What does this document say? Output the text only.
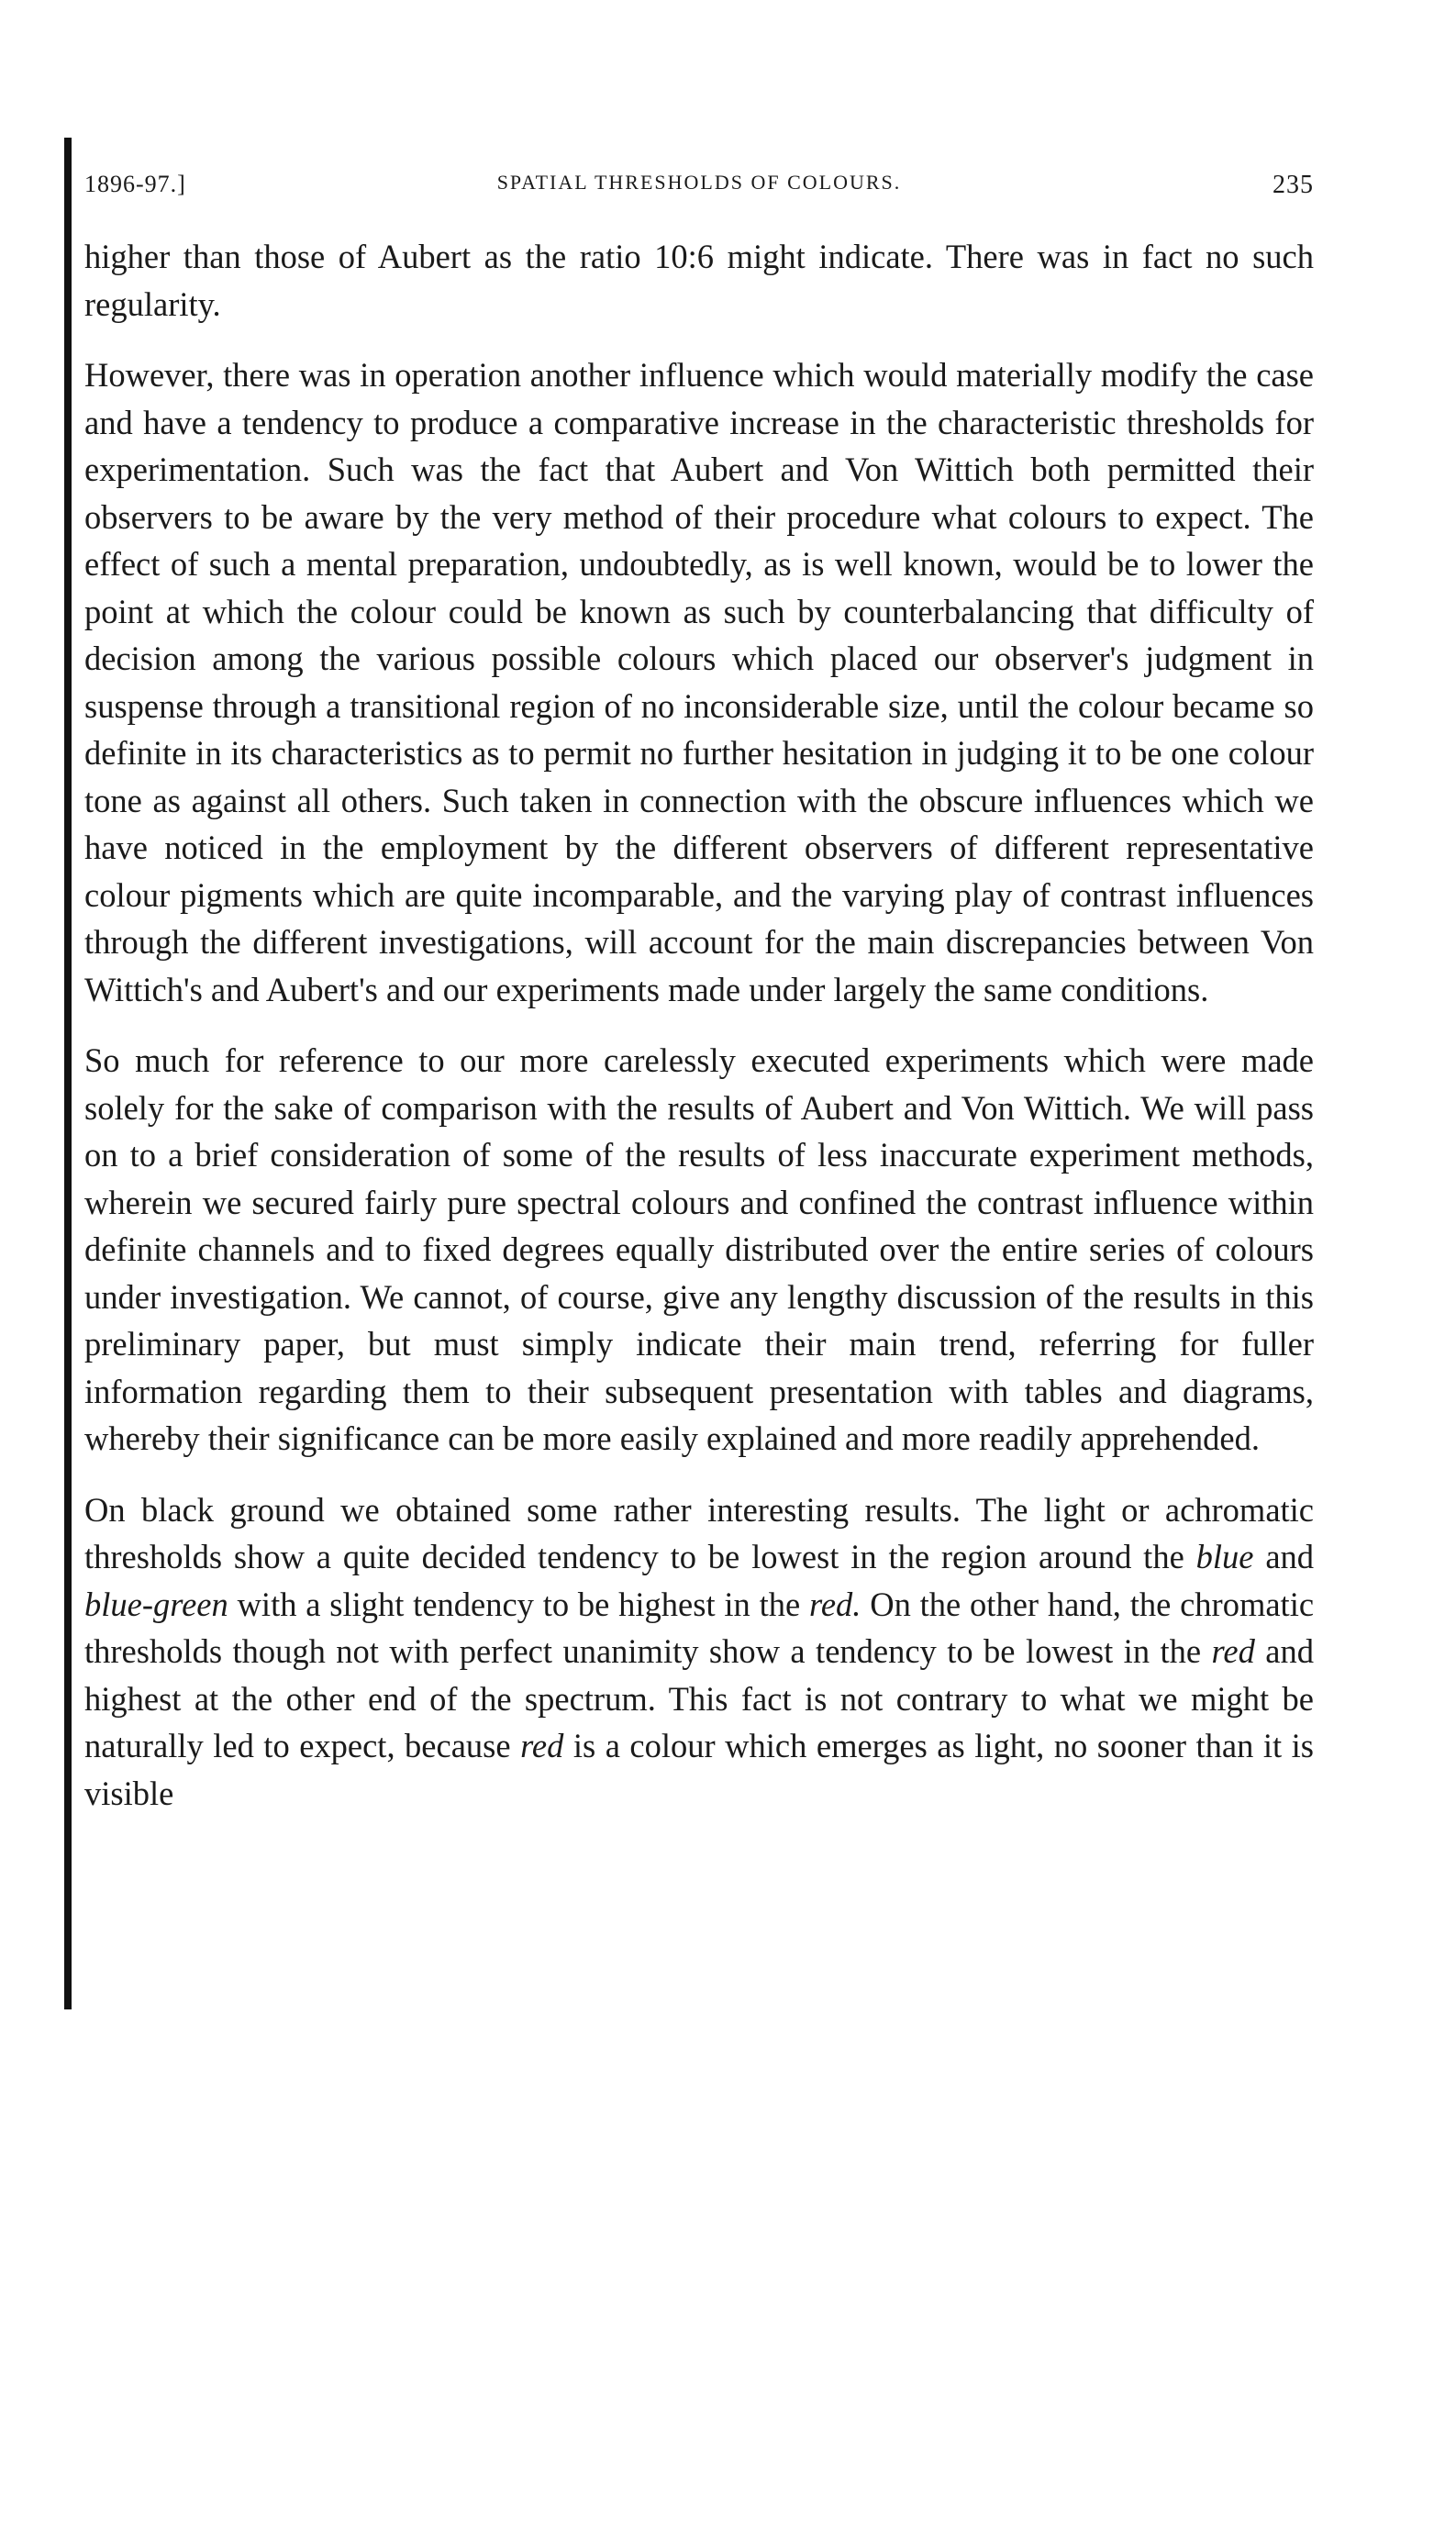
1896-97.]	SPATIAL THRESHOLDS OF COLOURS.	235

higher than those of Aubert as the ratio 10:6 might indicate. There was in fact no such regularity.

However, there was in operation another influence which would materially modify the case and have a tendency to produce a comparative increase in the characteristic thresholds for experimentation. Such was the fact that Aubert and Von Wittich both permitted their observers to be aware by the very method of their procedure what colours to expect. The effect of such a mental preparation, undoubtedly, as is well known, would be to lower the point at which the colour could be known as such by counterbalancing that difficulty of decision among the various possible colours which placed our observer's judgment in suspense through a transitional region of no inconsiderable size, until the colour became so definite in its characteristics as to permit no further hesitation in judging it to be one colour tone as against all others. Such taken in connection with the obscure influences which we have noticed in the employment by the different observers of different representative colour pigments which are quite incomparable, and the varying play of contrast influences through the different investigations, will account for the main discrepancies between Von Wittich's and Aubert's and our experiments made under largely the same conditions.

So much for reference to our more carelessly executed experiments which were made solely for the sake of comparison with the results of Aubert and Von Wittich. We will pass on to a brief consideration of some of the results of less inaccurate experiment methods, wherein we secured fairly pure spectral colours and confined the contrast influence within definite channels and to fixed degrees equally distributed over the entire series of colours under investigation. We cannot, of course, give any lengthy discussion of the results in this preliminary paper, but must simply indicate their main trend, referring for fuller information regarding them to their subsequent presentation with tables and diagrams, whereby their significance can be more easily explained and more readily apprehended.

On black ground we obtained some rather interesting results. The light or achromatic thresholds show a quite decided tendency to be lowest in the region around the blue and blue-green with a slight tendency to be highest in the red. On the other hand, the chromatic thresholds though not with perfect unanimity show a tendency to be lowest in the red and highest at the other end of the spectrum. This fact is not contrary to what we might be naturally led to expect, because red is a colour which emerges as light, no sooner than it is visible
